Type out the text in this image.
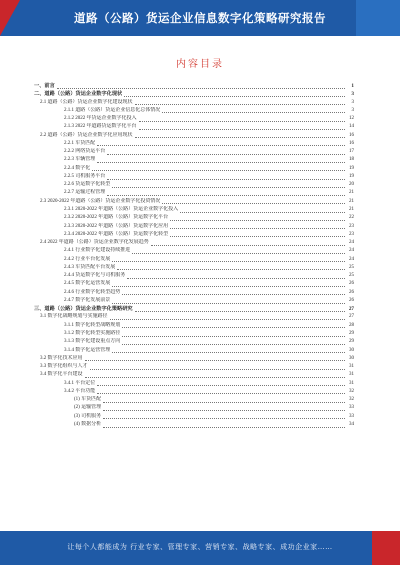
道路（公路）货运企业信息数字化策略研究报告
内容目录
一、前言	1
二、道路（公路）货运企业数字化现状	3
2.1 道路（公路）货运企业数字化建设现状	3
2.1.1 道路（公路）货运企业信息化总体情况	3
2.1.2 2022 年货运企业数字化投入	12
2.1.3 2022 年道路货运数字化平台	14
2.2 道路（公路）货运企业数字化应用现状	16
2.2.1 车货匹配	16
2.2.2 网络货运平台	17
2.2.3 车辆管理	18
2.2.4 数字化	19
2.2.5 司机服务平台	19
2.2.6 货运数字化转型	20
2.2.7 运输过程管理	21
2.3 2020-2022 年道路（公路）货运企业数字化投资情况	21
2.3.1 2020-2022 年道路（公路）货运企业数字化投入	21
2.3.2 2020-2022 年道路（公路）货运数字化平台	22
2.3.3 2020-2022 年道路（公路）货运数字化应用	23
2.3.4 2020-2022 年道路（公路）货运数字化转型	23
2.4 2022 年道路（公路）货运企业数字化发展趋势	24
2.4.1 行业数字化建设持续推进	24
2.4.2 行业平台化发展	24
2.4.3 车货匹配平台发展	25
2.4.4 货运数字化与司机服务	25
2.4.5 数字化运营发展	26
2.4.6 行业数字化转型趋势	26
2.4.7 数字化发展前景	26
三、道路（公路）货运企业数字化策略研究	27
3.1 数字化战略规划与实施路径	27
3.1.1 数字化转型战略规划	28
3.1.2 数字化转型实施路径	29
3.1.3 数字化建设重点方向	29
3.1.4 数字化运营管理	30
3.2 数字化技术应用	30
3.3 数字化组织与人才	31
3.4 数字化平台建设	31
3.4.1 平台定位	31
3.4.2 平台功能	32
(1) 车货匹配	32
(2) 运输管理	33
(3) 司机服务	33
(4) 数据分析	34
让每个人都能成为 行业专家、管理专家、营销专家、战略专家、成功企业家……
